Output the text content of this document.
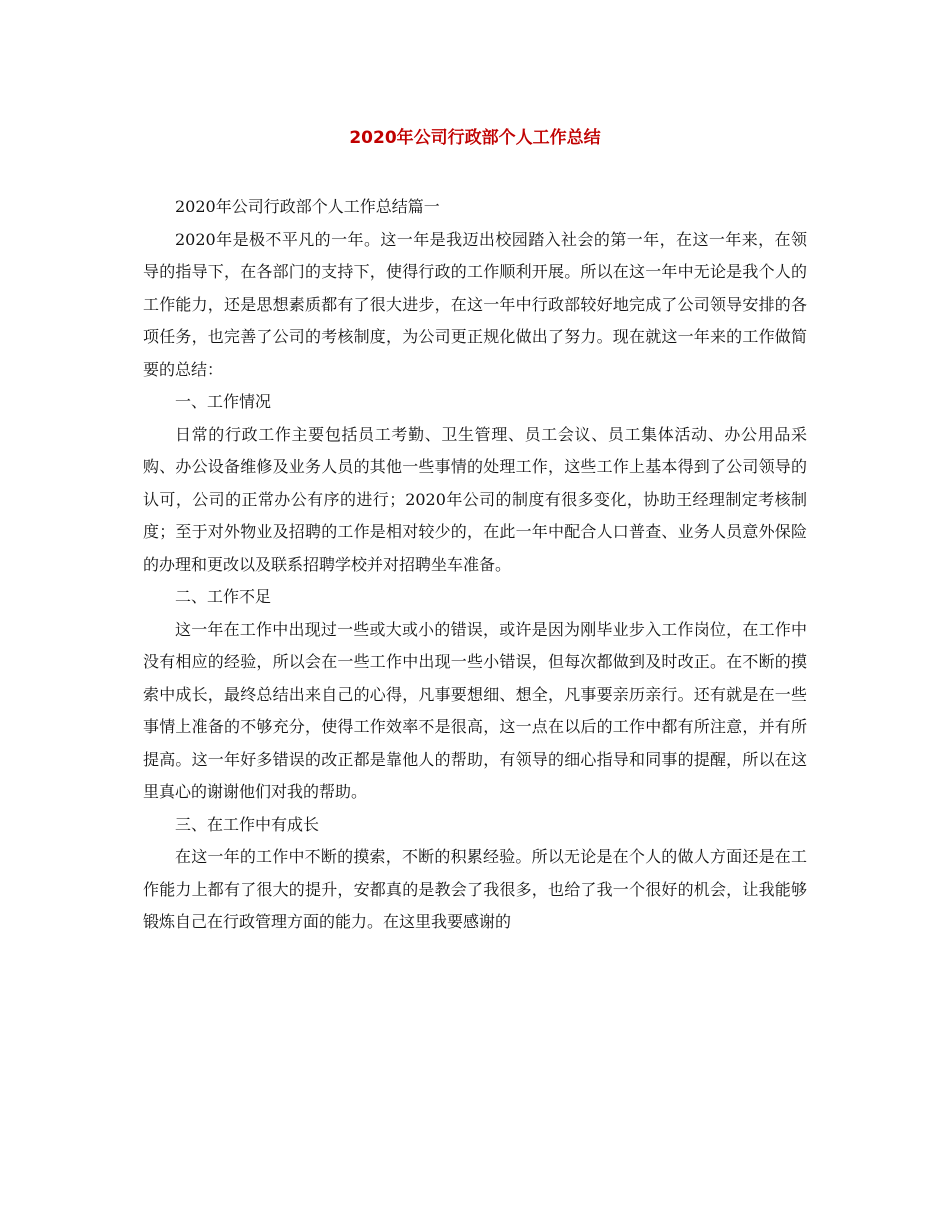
2020年公司行政部个人工作总结

2020年公司行政部个人工作总结篇一

2020年是极不平凡的一年。这一年是我迈出校园踏入社会的第一年，在这一年来，在领导的指导下，在各部门的支持下，使得行政的工作顺利开展。所以在这一年中无论是我个人的工作能力，还是思想素质都有了很大进步，在这一年中行政部较好地完成了公司领导安排的各项任务，也完善了公司的考核制度，为公司更正规化做出了努力。现在就这一年来的工作做简要的总结：

一、工作情况

日常的行政工作主要包括员工考勤、卫生管理、员工会议、员工集体活动、办公用品采购、办公设备维修及业务人员的其他一些事情的处理工作，这些工作上基本得到了公司领导的认可，公司的正常办公有序的进行；2020年公司的制度有很多变化，协助王经理制定考核制度；至于对外物业及招聘的工作是相对较少的，在此一年中配合人口普查、业务人员意外保险的办理和更改以及联系招聘学校并对招聘坐车准备。

二、工作不足

这一年在工作中出现过一些或大或小的错误，或许是因为刚毕业步入工作岗位，在工作中没有相应的经验，所以会在一些工作中出现一些小错误，但每次都做到及时改正。在不断的摸索中成长，最终总结出来自己的心得，凡事要想细、想全，凡事要亲历亲行。还有就是在一些事情上准备的不够充分，使得工作效率不是很高，这一点在以后的工作中都有所注意，并有所提高。这一年好多错误的改正都是靠他人的帮助，有领导的细心指导和同事的提醒，所以在这里真心的谢谢他们对我的帮助。

三、在工作中有成长

在这一年的工作中不断的摸索，不断的积累经验。所以无论是在个人的做人方面还是在工作能力上都有了很大的提升，安都真的是教会了我很多，也给了我一个很好的机会，让我能够锻炼自己在行政管理方面的能力。在这里我要感谢的
